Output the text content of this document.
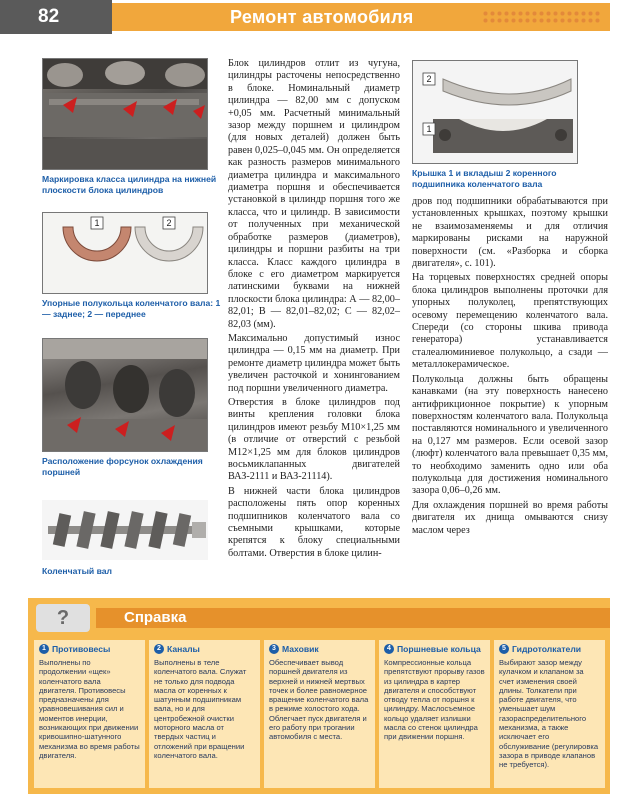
82	Ремонт автомобиля
Маркировка класса цилиндра на нижней плоскости блока цилиндров
1	2
Упорные полукольца коленчатого вала: 1 — заднее; 2 — переднее
Расположение форсунок охлаждения поршней
Коленчатый вал
2
1
Крышка 1 и вкладыш 2 коренного подшипника коленчатого вала

Блок цилиндров отлит из чугуна, цилиндры расточены непосредственно в блоке. Номинальный диаметр цилиндра — 82,00 мм с допуском +0,05 мм. Расчетный минимальный зазор между поршнем и цилиндром (для новых деталей) должен быть равен 0,025–0,045 мм. Он определяется как разность размеров минимального диаметра цилиндра и максимального диаметра поршня и обеспечивается установкой в цилиндр поршня того же класса, что и цилиндр. В зависимости от полученных при механической обработке размеров (диаметров), цилиндры и поршни разбиты на три класса. Класс каждого цилиндра в блоке с его диаметром маркируется латинскими буквами на нижней плоскости блока цилиндра: А — 82,00–82,01; В — 82,01–82,02; С — 82,02–82,03 (мм).

Максимально допустимый износ цилиндра — 0,15 мм на диаметр. При ремонте диаметр цилиндра может быть увеличен расточкой и хонингованием под поршни увеличенного диаметра.

Отверстия в блоке цилиндров под винты крепления головки блока цилиндров имеют резьбу M10×1,25 мм (в отличие от отверстий с резьбой M12×1,25 мм для блоков цилиндров восьмиклапанных двигателей ВАЗ-2111 и ВАЗ-21114).

В нижней части блока цилиндров расположены пять опор коренных подшипников коленчатого вала со съемными крышками, которые крепятся к блоку специальными болтами. Отверстия в блоке цилин-

дров под подшипники обрабатываются при установленных крышках, поэтому крышки не взаимозаменяемы и для отличия маркированы рисками на наружной поверхности (см. «Разборка и сборка двигателя», с. 101).

На торцевых поверхностях средней опоры блока цилиндров выполнены проточки для упорных полуколец, препятствующих осевому перемещению коленчатого вала. Спереди (со стороны шкива привода генератора) устанавливается сталеалюминиевое полукольцо, а сзади — металлокерамическое.

Полукольца должны быть обращены канавками (на эту поверхность нанесено антифрикционное покрытие) к упорным поверхностям коленчатого вала. Полукольца поставляются номинального и увеличенного на 0,127 мм размеров. Если осевой зазор (люфт) коленчатого вала превышает 0,35 мм, то необходимо заменить одно или оба полукольца для достижения номинального зазора 0,06–0,26 мм.

Для охлаждения поршней во время работы двигателя их днища омываются снизу маслом через

?	Справка
1 Противовесы
Выполнены по продолжении «щек» коленчатого вала двигателя. Противовесы предназначены для уравновешивания сил и моментов инерции, возникающих при движении кривошипно-шатунного механизма во время работы двигателя.
2 Каналы
Выполнены в теле коленчатого вала. Служат не только для подвода масла от коренных к шатунным подшипникам вала, но и для центробежной очистки моторного масла от твердых частиц и отложений при вращении коленчатого вала.
3 Маховик
Обеспечивает вывод поршней двигателя из верхней и нижней мертвых точек и более равномерное вращение коленчатого вала в режиме холостого хода. Облегчает пуск двигателя и его работу при трогании автомобиля с места.
4 Поршневые кольца
Компрессионные кольца препятствуют прорыву газов из цилиндра в картер двигателя и способствуют отводу тепла от поршня к цилиндру. Маслосъемное кольцо удаляет излишки масла со стенок цилиндра при движении поршня.
5 Гидротолкатели
Выбирают зазор между кулачком и клапаном за счет изменения своей длины. Толкатели при работе двигателя, что уменьшает шум газораспределительного механизма, а также исключает его обслуживание (регулировка зазора в приводе клапанов не требуется).
